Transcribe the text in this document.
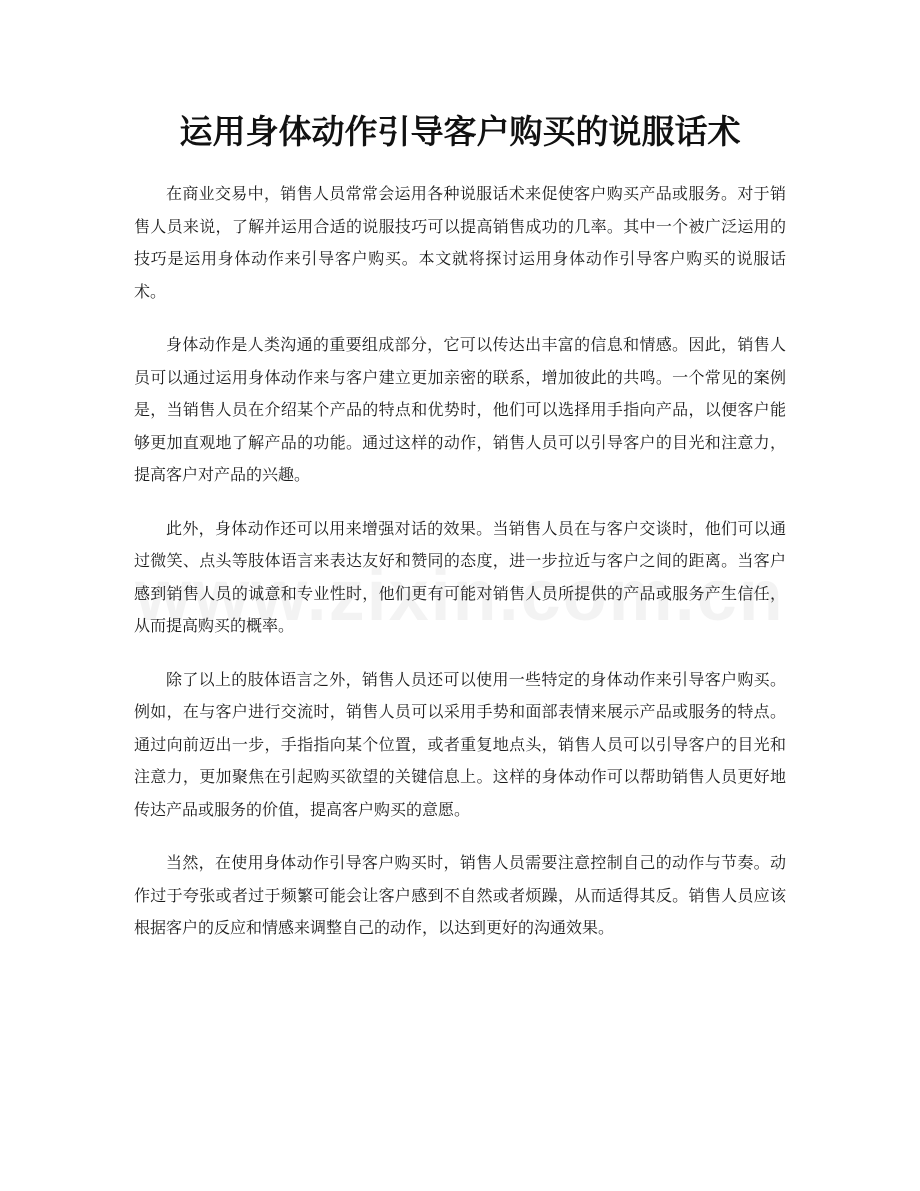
运用身体动作引导客户购买的说服话术

在商业交易中，销售人员常常会运用各种说服话术来促使客户购买产品或服务。对于销售人员来说，了解并运用合适的说服技巧可以提高销售成功的几率。其中一个被广泛运用的技巧是运用身体动作来引导客户购买。本文就将探讨运用身体动作引导客户购买的说服话术。

身体动作是人类沟通的重要组成部分，它可以传达出丰富的信息和情感。因此，销售人员可以通过运用身体动作来与客户建立更加亲密的联系，增加彼此的共鸣。一个常见的案例是，当销售人员在介绍某个产品的特点和优势时，他们可以选择用手指向产品，以便客户能够更加直观地了解产品的功能。通过这样的动作，销售人员可以引导客户的目光和注意力，提高客户对产品的兴趣。

此外，身体动作还可以用来增强对话的效果。当销售人员在与客户交谈时，他们可以通过微笑、点头等肢体语言来表达友好和赞同的态度，进一步拉近与客户之间的距离。当客户感到销售人员的诚意和专业性时，他们更有可能对销售人员所提供的产品或服务产生信任，从而提高购买的概率。

除了以上的肢体语言之外，销售人员还可以使用一些特定的身体动作来引导客户购买。例如，在与客户进行交流时，销售人员可以采用手势和面部表情来展示产品或服务的特点。通过向前迈出一步，手指指向某个位置，或者重复地点头，销售人员可以引导客户的目光和注意力，更加聚焦在引起购买欲望的关键信息上。这样的身体动作可以帮助销售人员更好地传达产品或服务的价值，提高客户购买的意愿。

当然，在使用身体动作引导客户购买时，销售人员需要注意控制自己的动作与节奏。动作过于夸张或者过于频繁可能会让客户感到不自然或者烦躁，从而适得其反。销售人员应该根据客户的反应和情感来调整自己的动作，以达到更好的沟通效果。
